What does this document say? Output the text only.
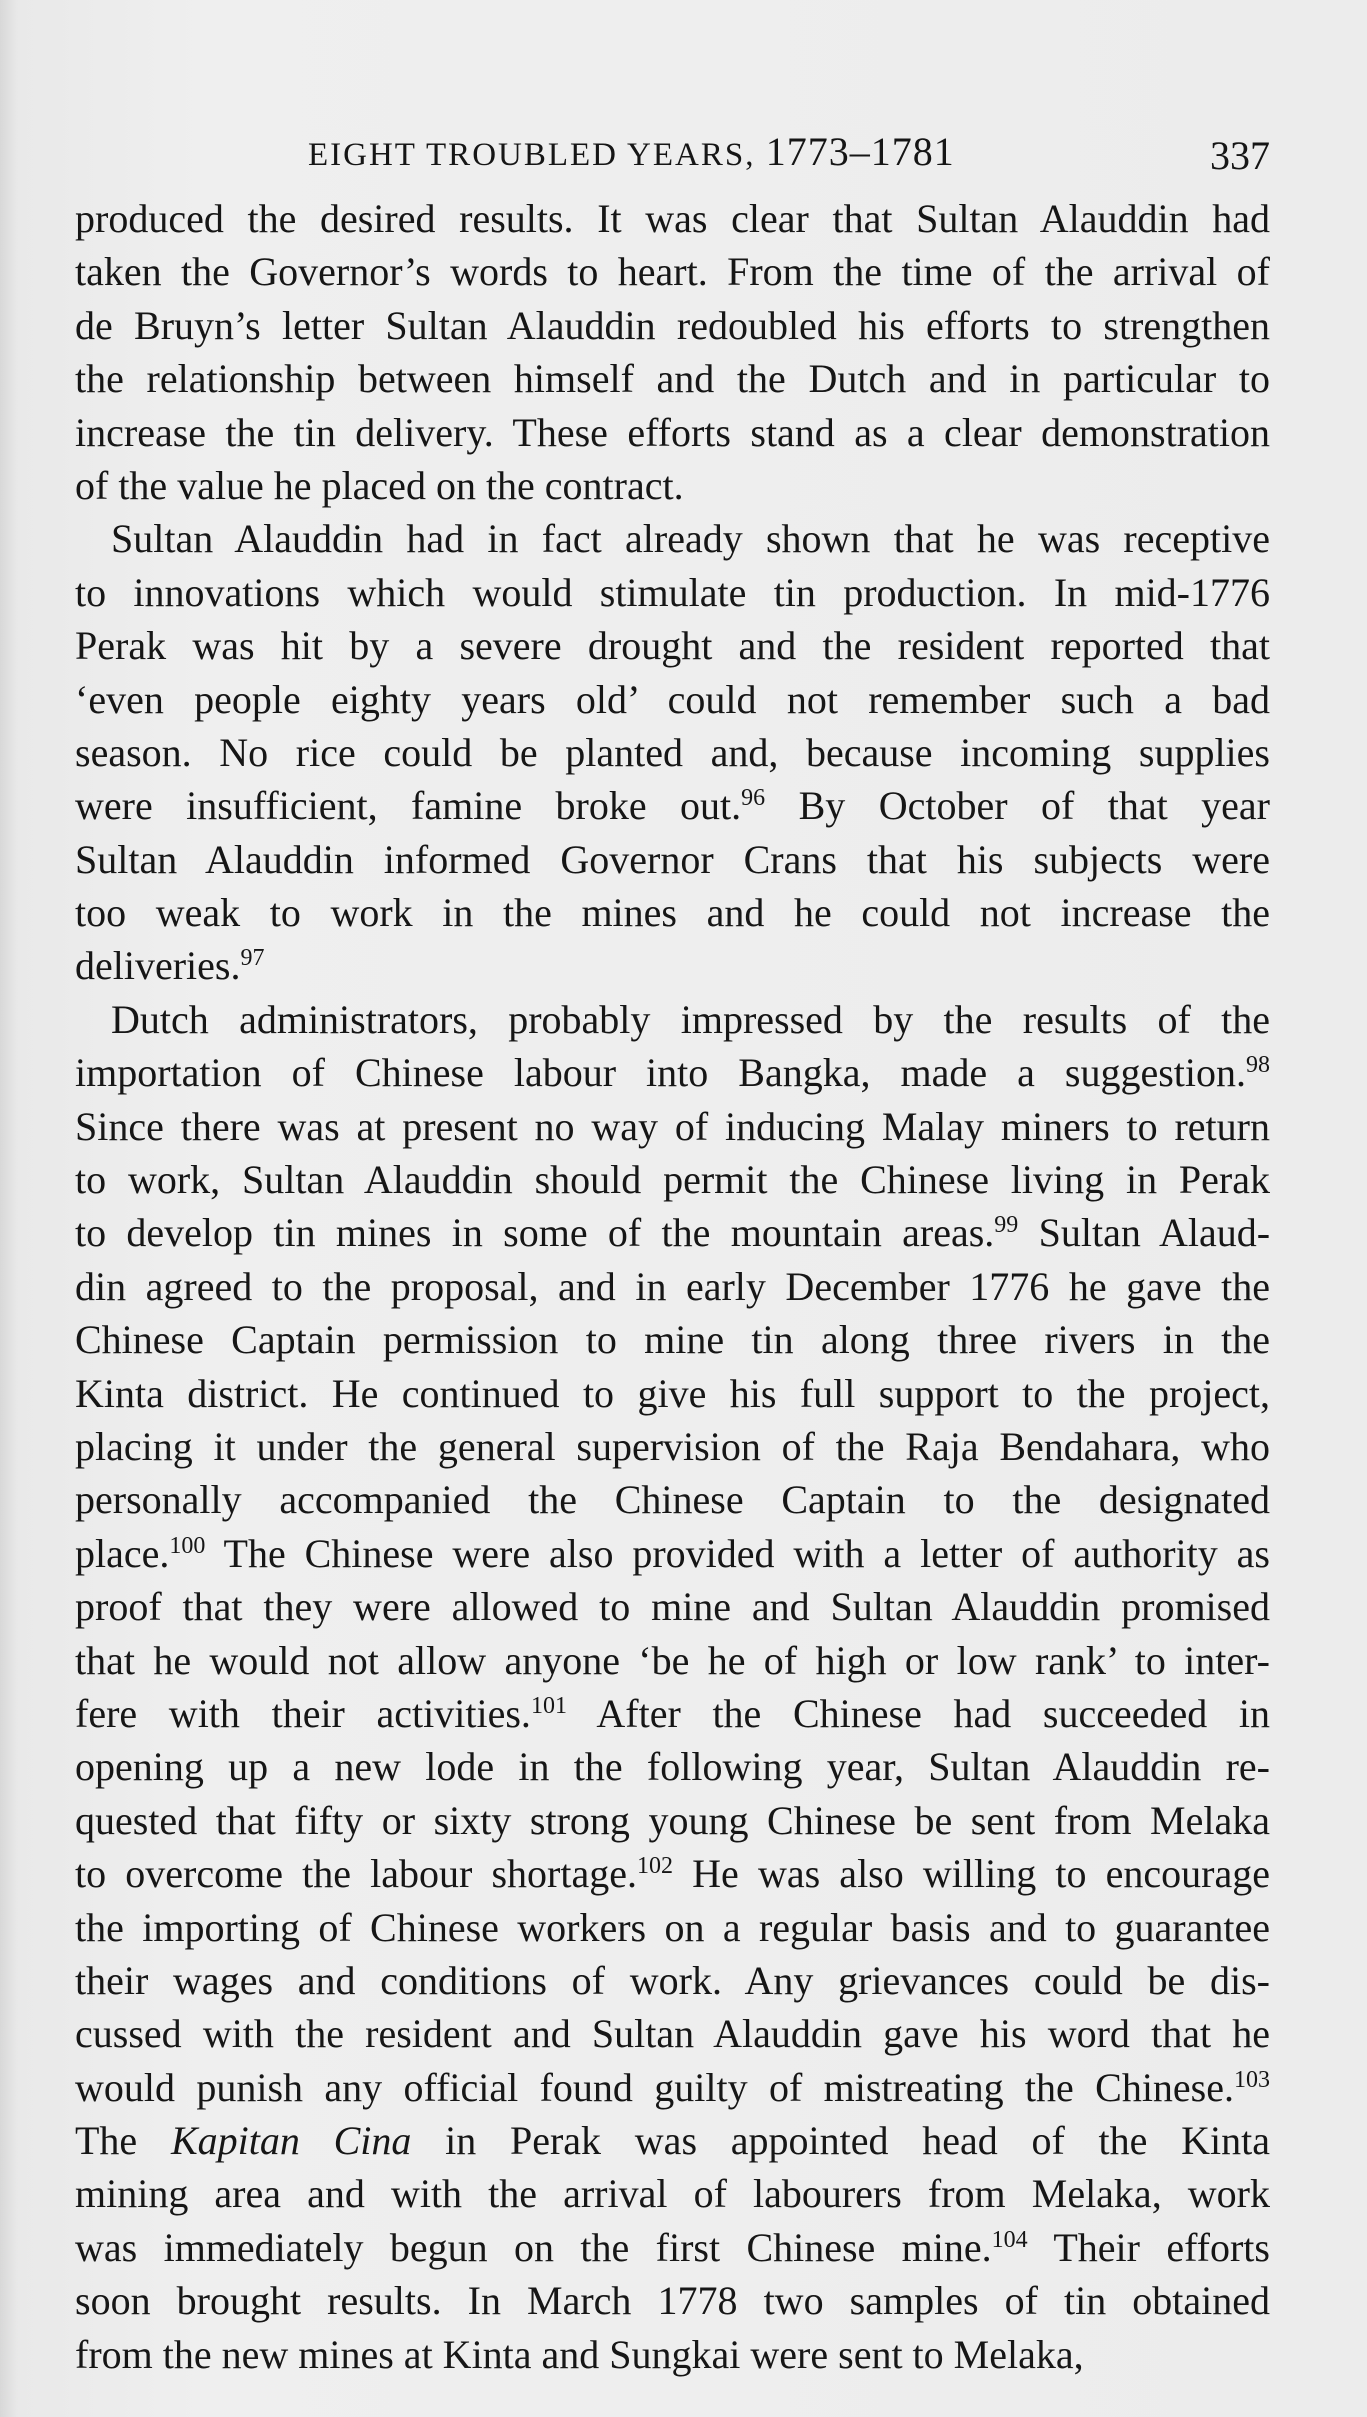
EIGHT TROUBLED YEARS, 1773–1781	337
produced the desired results. It was clear that Sultan Alauddin had
taken the Governor’s words to heart. From the time of the arrival of
de Bruyn’s letter Sultan Alauddin redoubled his efforts to strengthen
the relationship between himself and the Dutch and in particular to
increase the tin delivery. These efforts stand as a clear demonstration
of the value he placed on the contract.
Sultan Alauddin had in fact already shown that he was receptive
to innovations which would stimulate tin production. In mid-1776
Perak was hit by a severe drought and the resident reported that
‘even people eighty years old’ could not remember such a bad
season. No rice could be planted and, because incoming supplies
were insufficient, famine broke out.$^{96}$ By October of that year
Sultan Alauddin informed Governor Crans that his subjects were
too weak to work in the mines and he could not increase the
deliveries.$^{97}$
Dutch administrators, probably impressed by the results of the
importation of Chinese labour into Bangka, made a suggestion.$^{98}$
Since there was at present no way of inducing Malay miners to return
to work, Sultan Alauddin should permit the Chinese living in Perak
to develop tin mines in some of the mountain areas.$^{99}$ Sultan Alaud-
din agreed to the proposal, and in early December 1776 he gave the
Chinese Captain permission to mine tin along three rivers in the
Kinta district. He continued to give his full support to the project,
placing it under the general supervision of the Raja Bendahara, who
personally accompanied the Chinese Captain to the designated
place.$^{100}$ The Chinese were also provided with a letter of authority as
proof that they were allowed to mine and Sultan Alauddin promised
that he would not allow anyone ‘be he of high or low rank’ to inter-
fere with their activities.$^{101}$ After the Chinese had succeeded in
opening up a new lode in the following year, Sultan Alauddin re-
quested that fifty or sixty strong young Chinese be sent from Melaka
to overcome the labour shortage.$^{102}$ He was also willing to encourage
the importing of Chinese workers on a regular basis and to guarantee
their wages and conditions of work. Any grievances could be dis-
cussed with the resident and Sultan Alauddin gave his word that he
would punish any official found guilty of mistreating the Chinese.$^{103}$
The Kapitan Cina in Perak was appointed head of the Kinta
mining area and with the arrival of labourers from Melaka, work
was immediately begun on the first Chinese mine.$^{104}$ Their efforts
soon brought results. In March 1778 two samples of tin obtained
from the new mines at Kinta and Sungkai were sent to Melaka,
